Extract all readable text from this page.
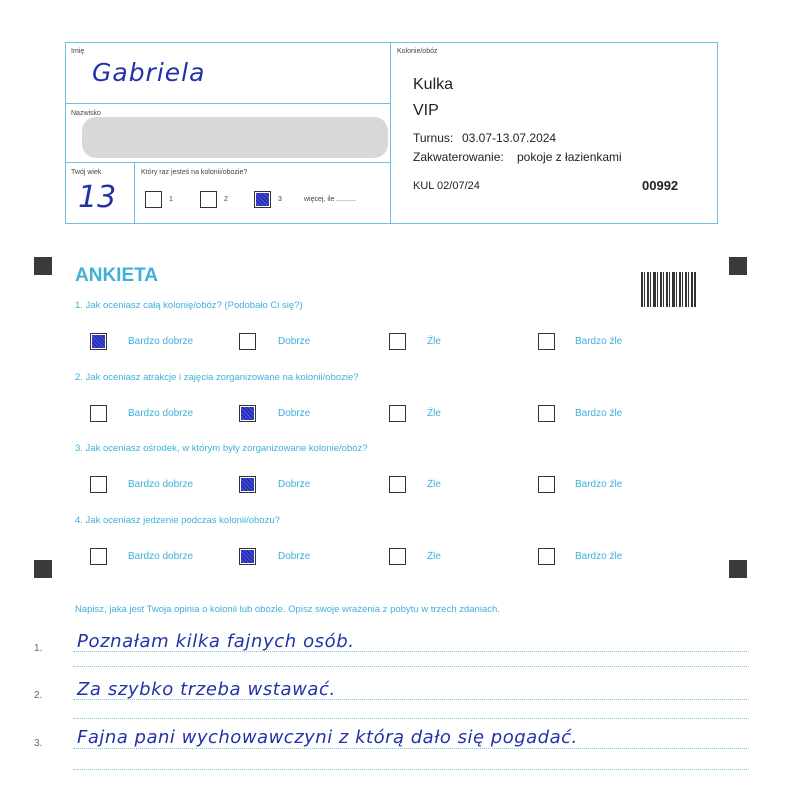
Imię
Gabriela
Nazwisko
Twój wiek
13
Który raz jesteś na kolonii/obozie?
1	2	3	więcej, ile ..........
Kolonie/obóz
Kulka
VIP
Turnus: 03.07-13.07.2024
Zakwaterowanie: pokoje z łazienkami
KUL 02/07/24	00992
ANKIETA
1. Jak oceniasz całą kolonię/obóz? (Podobało Ci się?)
Bardzo dobrze	Dobrze	Źle	Bardzo źle
2. Jak oceniasz atrakcje i zajęcia zorganizowane na kolonii/obozie?
Bardzo dobrze	Dobrze	Źle	Bardzo źle
3. Jak oceniasz ośrodek, w którym były zorganizowane kolonie/obóz?
Bardzo dobrze	Dobrze	Źle	Bardzo źle
4. Jak oceniasz jedzenie podczas kolonii/obozu?
Bardzo dobrze	Dobrze	Źle	Bardzo źle
Napisz, jaka jest Twoja opinia o kolonii lub obozie. Opisz swoje wrażenia z pobytu w trzech zdaniach.
1. Poznałam kilka fajnych osób.
2. Za szybko trzeba wstawać.
3. Fajna pani wychowawczyni z którą dało się pogadać.
